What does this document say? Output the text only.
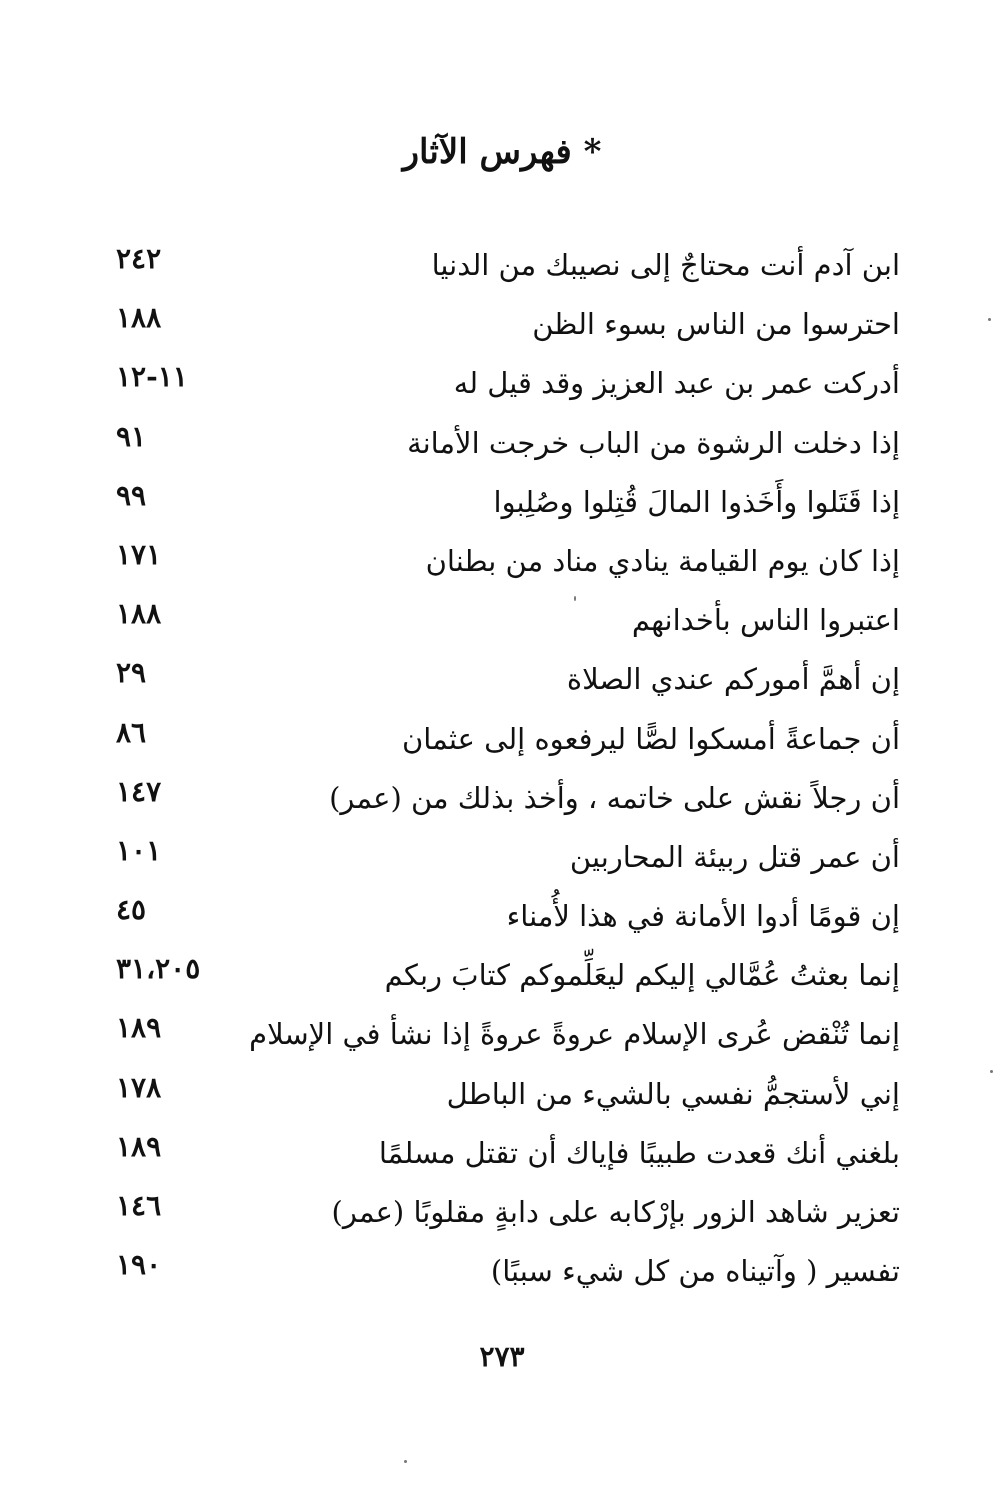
* فهرس الآثار
ابن آدم أنت محتاجٌ إلى نصيبك من الدنيا
٢٤٢
احترسوا من الناس بسوء الظن
١٨٨
أدركت عمر بن عبد العزيز وقد قيل له
١١-١٢
إذا دخلت الرشوة من الباب خرجت الأمانة
٩١
إذا قَتَلوا وأَخَذوا المالَ قُتِلوا وصُلِبوا
٩٩
إذا كان يوم القيامة ينادي مناد من بطنان
١٧١
اعتبروا الناس بأخدانهم
١٨٨
إن أهمَّ أموركم عندي الصلاة
٢٩
أن جماعةً أمسكوا لصًّا ليرفعوه إلى عثمان
٨٦
أن رجلاً نقش على خاتمه ، وأخذ بذلك من (عمر)
١٤٧
أن عمر قتل ربيئة المحاربين
١٠١
إن قومًا أدوا الأمانة في هذا لأُمناء
٤٥
إنما بعثتُ عُمَّالي إليكم ليعَلِّموكم كتابَ ربكم
٣١،٢٠٥
إنما تُنْقض عُرى الإسلام عروةً عروةً إذا نشأ في الإسلام
١٨٩
إني لأستجمُّ نفسي بالشيء من الباطل
١٧٨
بلغني أنك قعدت طبيبًا فإياك أن تقتل مسلمًا
١٨٩
تعزير شاهد الزور بإرْكابه على دابةٍ مقلوبًا (عمر)
١٤٦
تفسير ( وآتيناه من كل شيء سببًا)
١٩٠
٢٧٣
